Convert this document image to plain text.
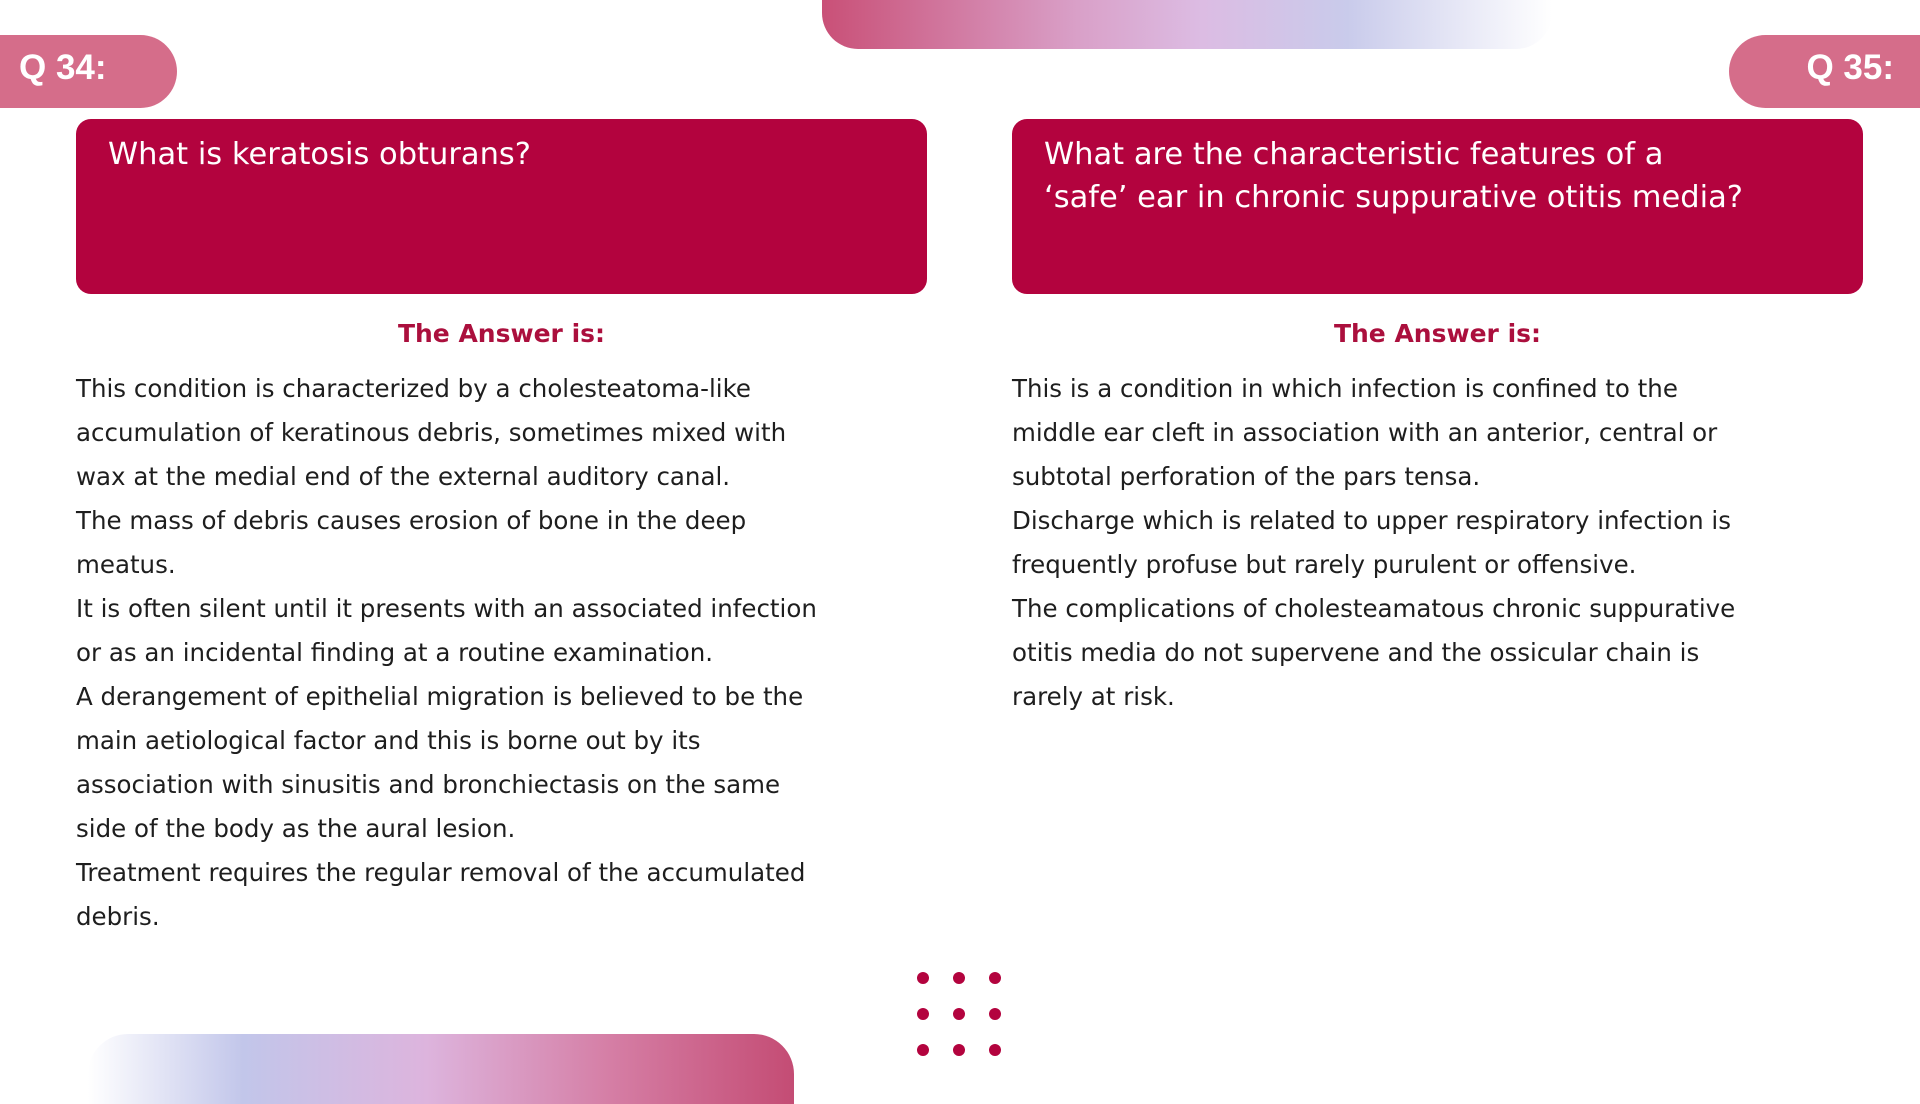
Q 34:	Q 35:
What is keratosis obturans?
The Answer is:
This condition is characterized by a cholesteatoma-like
accumulation of keratinous debris, sometimes mixed with
wax at the medial end of the external auditory canal.
The mass of debris causes erosion of bone in the deep
meatus.
It is often silent until it presents with an associated infection
or as an incidental finding at a routine examination.
A derangement of epithelial migration is believed to be the
main aetiological factor and this is borne out by its
association with sinusitis and bronchiectasis on the same
side of the body as the aural lesion.
Treatment requires the regular removal of the accumulated
debris.
What are the characteristic features of a
‘safe’ ear in chronic suppurative otitis media?
The Answer is:
This is a condition in which infection is confined to the
middle ear cleft in association with an anterior, central or
subtotal perforation of the pars tensa.
Discharge which is related to upper respiratory infection is
frequently profuse but rarely purulent or offensive.
The complications of cholesteamatous chronic suppurative
otitis media do not supervene and the ossicular chain is
rarely at risk.
